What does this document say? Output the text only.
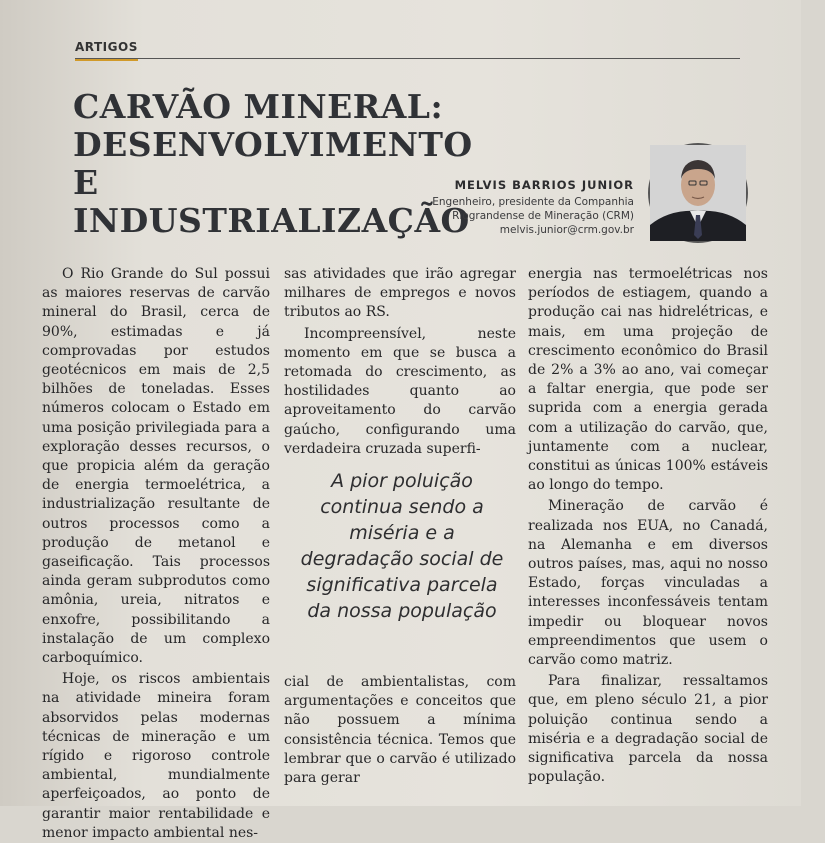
ARTIGOS
CARVÃO MINERAL:
DESENVOLVIMENTO E
INDUSTRIALIZAÇÃO
MELVIS BARRIOS JUNIOR
Engenheiro, presidente da Companhia
Riograndense de Mineração (CRM)
melvis.junior@crm.gov.br

O Rio Grande do Sul possui as maiores reservas de carvão mineral do Brasil, cerca de 90%, estimadas e já comprovadas por estudos geotécnicos em mais de 2,5 bilhões de toneladas. Esses números colocam o Estado em uma posição privilegiada para a exploração desses recursos, o que propicia além da geração de energia termoelétrica, a industrialização resultante de outros processos como a produção de metanol e gaseificação. Tais processos ainda geram subprodutos como amônia, ureia, nitratos e enxofre, possibilitando a instalação de um complexo carboquímico.

Hoje, os riscos ambientais na atividade mineira foram absorvidos pelas modernas técnicas de mineração e um rígido e rigoroso controle ambiental, mundialmente aperfeiçoados, ao ponto de garantir maior rentabilidade e menor impacto ambiental nes-

sas atividades que irão agregar milhares de empregos e novos tributos ao RS.

Incompreensível, neste momento em que se busca a retomada do crescimento, as hostilidades quanto ao aproveitamento do carvão gaúcho, configurando uma verdadeira cruzada superfi-

A pior poluição continua sendo a miséria e a degradação social de significativa parcela da nossa população

cial de ambientalistas, com argumentações e conceitos que não possuem a mínima consistência técnica. Temos que lembrar que o carvão é utilizado para gerar

energia nas termoelétricas nos períodos de estiagem, quando a produção cai nas hidrelétricas, e mais, em uma projeção de crescimento econômico do Brasil de 2% a 3% ao ano, vai começar a faltar energia, que pode ser suprida com a energia gerada com a utilização do carvão, que, juntamente com a nuclear, constitui as únicas 100% estáveis ao longo do tempo.

Mineração de carvão é realizada nos EUA, no Canadá, na Alemanha e em diversos outros países, mas, aqui no nosso Estado, forças vinculadas a interesses inconfessáveis tentam impedir ou bloquear novos empreendimentos que usem o carvão como matriz.

Para finalizar, ressaltamos que, em pleno século 21, a pior poluição continua sendo a miséria e a degradação social de significativa parcela da nossa população.
